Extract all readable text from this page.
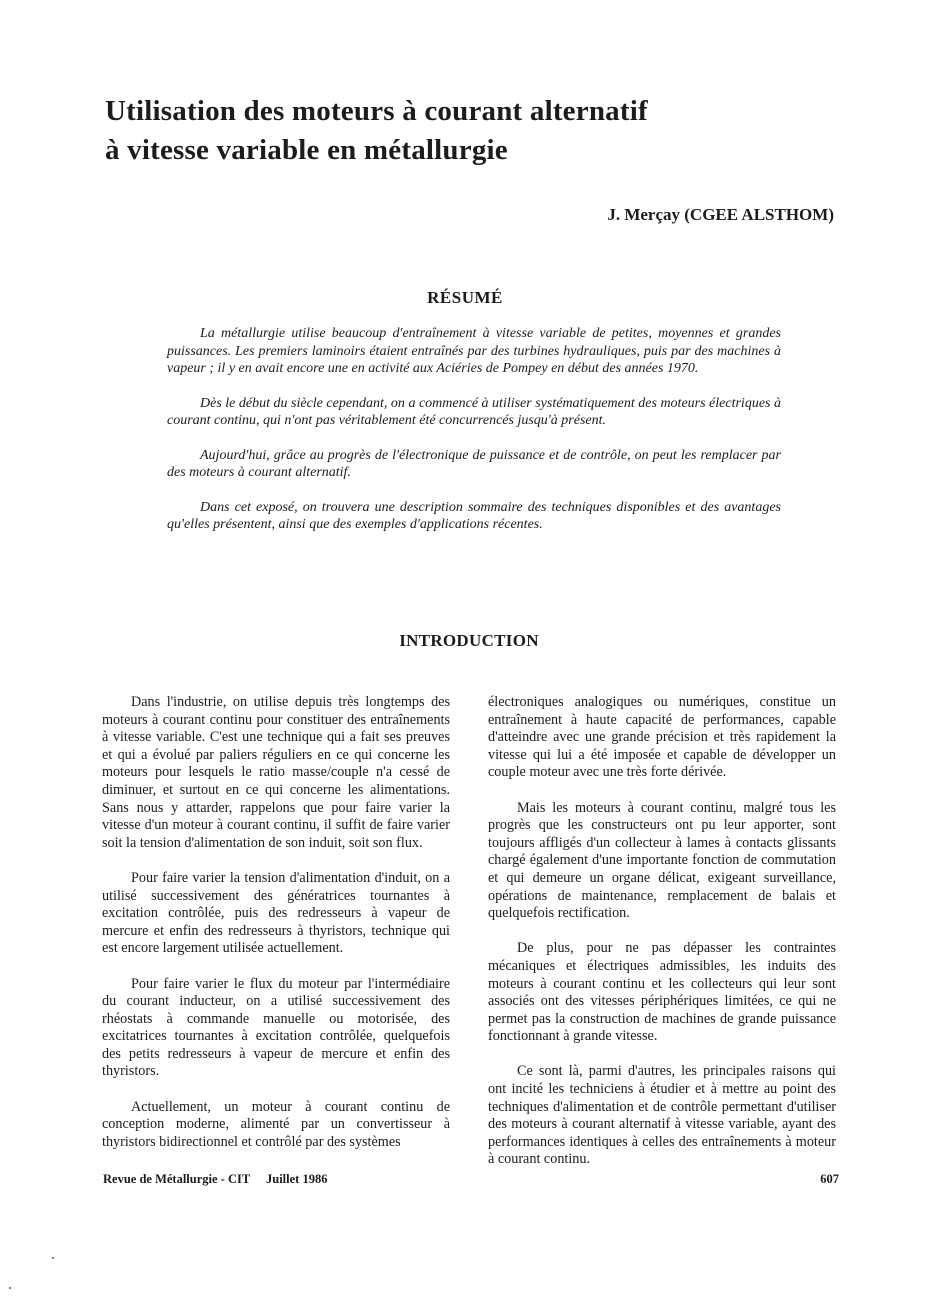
Utilisation des moteurs à courant alternatif
à vitesse variable en métallurgie
J. Merçay (CGEE ALSTHOM)
RÉSUMÉ

La métallurgie utilise beaucoup d'entraînement à vitesse variable de petites, moyennes et grandes puissances. Les premiers laminoirs étaient entraînés par des turbines hydrauliques, puis par des machines à vapeur ; il y en avait encore une en activité aux Aciéries de Pompey en début des années 1970.

Dès le début du siècle cependant, on a commencé à utiliser systématiquement des moteurs électriques à courant continu, qui n'ont pas véritablement été concurrencés jusqu'à présent.

Aujourd'hui, grâce au progrès de l'électronique de puissance et de contrôle, on peut les remplacer par des moteurs à courant alternatif.

Dans cet exposé, on trouvera une description sommaire des techniques disponibles et des avantages qu'elles présentent, ainsi que des exemples d'applications récentes.

INTRODUCTION

Dans l'industrie, on utilise depuis très longtemps des moteurs à courant continu pour constituer des entraînements à vitesse variable. C'est une technique qui a fait ses preuves et qui a évolué par paliers réguliers en ce qui concerne les moteurs pour lesquels le ratio masse/couple n'a cessé de diminuer, et surtout en ce qui concerne les alimentations. Sans nous y attarder, rappelons que pour faire varier la vitesse d'un moteur à courant continu, il suffit de faire varier soit la tension d'alimentation de son induit, soit son flux.

Pour faire varier la tension d'alimentation d'induit, on a utilisé successivement des génératrices tournantes à excitation contrôlée, puis des redresseurs à vapeur de mercure et enfin des redresseurs à thyristors, technique qui est encore largement utilisée actuellement.

Pour faire varier le flux du moteur par l'intermédiaire du courant inducteur, on a utilisé successivement des rhéostats à commande manuelle ou motorisée, des excitatrices tournantes à excitation contrôlée, quelquefois des petits redresseurs à vapeur de mercure et enfin des thyristors.

Actuellement, un moteur à courant continu de conception moderne, alimenté par un convertisseur à thyristors bidirectionnel et contrôlé par des systèmes

électroniques analogiques ou numériques, constitue un entraînement à haute capacité de performances, capable d'atteindre avec une grande précision et très rapidement la vitesse qui lui a été imposée et capable de développer un couple moteur avec une très forte dérivée.

Mais les moteurs à courant continu, malgré tous les progrès que les constructeurs ont pu leur apporter, sont toujours affligés d'un collecteur à lames à contacts glissants chargé également d'une importante fonction de commutation et qui demeure un organe délicat, exigeant surveillance, opérations de maintenance, remplacement de balais et quelquefois rectification.

De plus, pour ne pas dépasser les contraintes mécaniques et électriques admissibles, les induits des moteurs à courant continu et les collecteurs qui leur sont associés ont des vitesses périphériques limitées, ce qui ne permet pas la construction de machines de grande puissance fonctionnant à grande vitesse.

Ce sont là, parmi d'autres, les principales raisons qui ont incité les techniciens à étudier et à mettre au point des techniques d'alimentation et de contrôle permettant d'utiliser des moteurs à courant alternatif à vitesse variable, ayant des performances identiques à celles des entraînements à moteur à courant continu.

Revue de Métallurgie - CIT Juillet 1986	607
